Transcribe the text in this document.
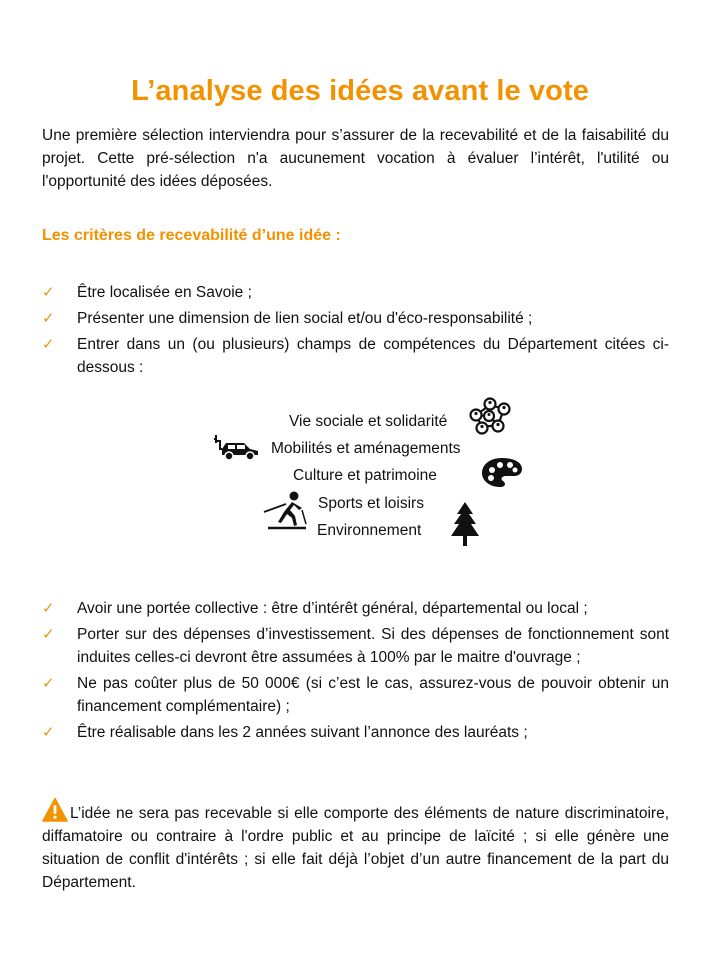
L’analyse des idées avant le vote

Une première sélection interviendra pour s’assurer de la recevabilité et de la faisabilité du projet. Cette pré-sélection n'a aucunement vocation à évaluer l’intérêt, l'utilité ou l'opportunité des idées déposées.

Les critères de recevabilité d’une idée :
✓ Être localisée en Savoie ;
✓ Présenter une dimension de lien social et/ou d'éco-responsabilité ;
✓ Entrer dans un (ou plusieurs) champs de compétences du Département citées ci-dessous :
Vie sociale et solidarité
Mobilités et aménagements
Culture et patrimoine
Sports et loisirs
Environnement
✓ Avoir une portée collective : être d’intérêt général, départemental ou local ;
✓ Porter sur des dépenses d’investissement. Si des dépenses de fonctionnement sont induites celles-ci devront être assumées à 100% par le maitre d'ouvrage ;
✓ Ne pas coûter plus de 50 000€ (si c’est le cas, assurez-vous de pouvoir obtenir un financement complémentaire) ;
✓ Être réalisable dans les 2 années suivant l’annonce des lauréats ;

L’idée ne sera pas recevable si elle comporte des éléments de nature discriminatoire, diffamatoire ou contraire à l'ordre public et au principe de laïcité ; si elle génère une situation de conflit d'intérêts ; si elle fait déjà l’objet d’un autre financement de la part du Département.
